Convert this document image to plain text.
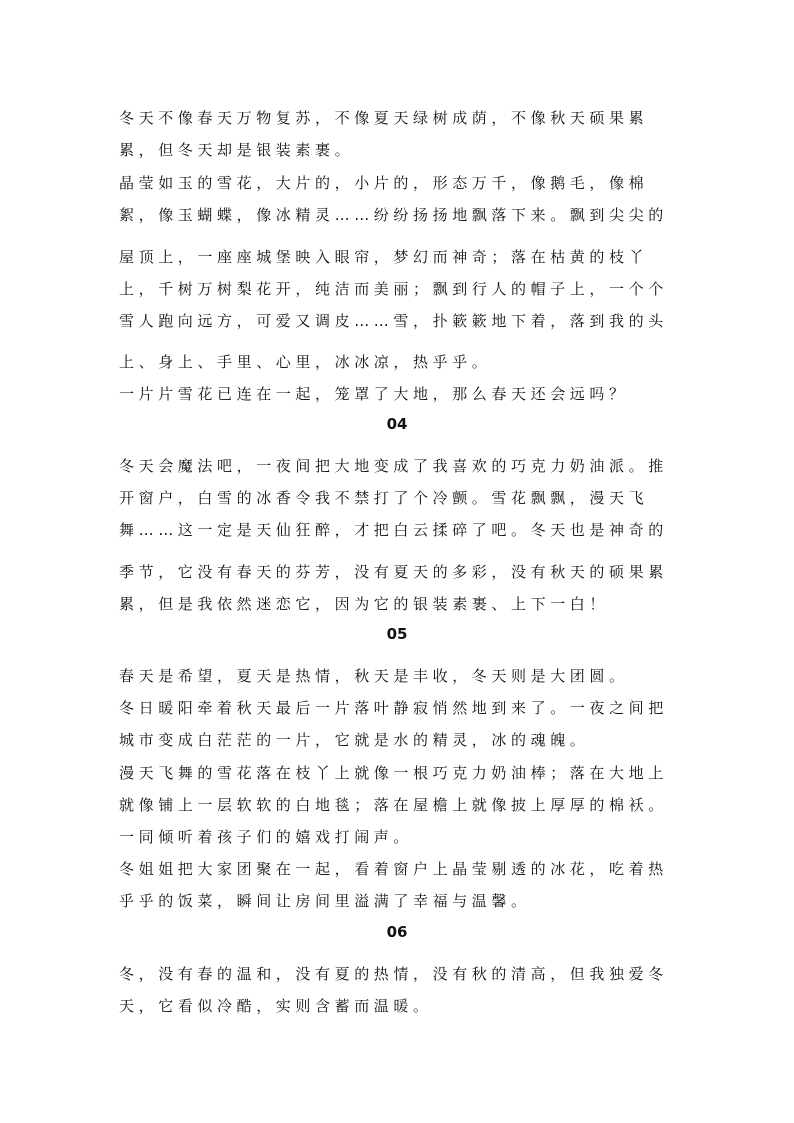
冬天不像春天万物复苏，不像夏天绿树成荫，不像秋天硕果累
累，但冬天却是银装素裹。
晶莹如玉的雪花，大片的，小片的，形态万千，像鹅毛，像棉
絮，像玉蝴蝶，像冰精灵……纷纷扬扬地飘落下来。飘到尖尖的
屋顶上，一座座城堡映入眼帘，梦幻而神奇；落在枯黄的枝丫
上，千树万树梨花开，纯洁而美丽；飘到行人的帽子上，一个个
雪人跑向远方，可爱又调皮……雪，扑簌簌地下着，落到我的头
上、身上、手里、心里，冰冰凉，热乎乎。
一片片雪花已连在一起，笼罩了大地，那么春天还会远吗？
04
冬天会魔法吧，一夜间把大地变成了我喜欢的巧克力奶油派。推
开窗户，白雪的冰香令我不禁打了个冷颤。雪花飘飘，漫天飞
舞……这一定是天仙狂醉，才把白云揉碎了吧。冬天也是神奇的
季节，它没有春天的芬芳，没有夏天的多彩，没有秋天的硕果累
累，但是我依然迷恋它，因为它的银装素裹、上下一白！
05
春天是希望，夏天是热情，秋天是丰收，冬天则是大团圆。
冬日暖阳牵着秋天最后一片落叶静寂悄然地到来了。一夜之间把
城市变成白茫茫的一片，它就是水的精灵，冰的魂魄。
漫天飞舞的雪花落在枝丫上就像一根巧克力奶油棒；落在大地上
就像铺上一层软软的白地毯；落在屋檐上就像披上厚厚的棉袄。
一同倾听着孩子们的嬉戏打闹声。
冬姐姐把大家团聚在一起，看着窗户上晶莹剔透的冰花，吃着热
乎乎的饭菜，瞬间让房间里溢满了幸福与温馨。
06
冬，没有春的温和，没有夏的热情，没有秋的清高，但我独爱冬
天，它看似冷酷，实则含蓄而温暖。
